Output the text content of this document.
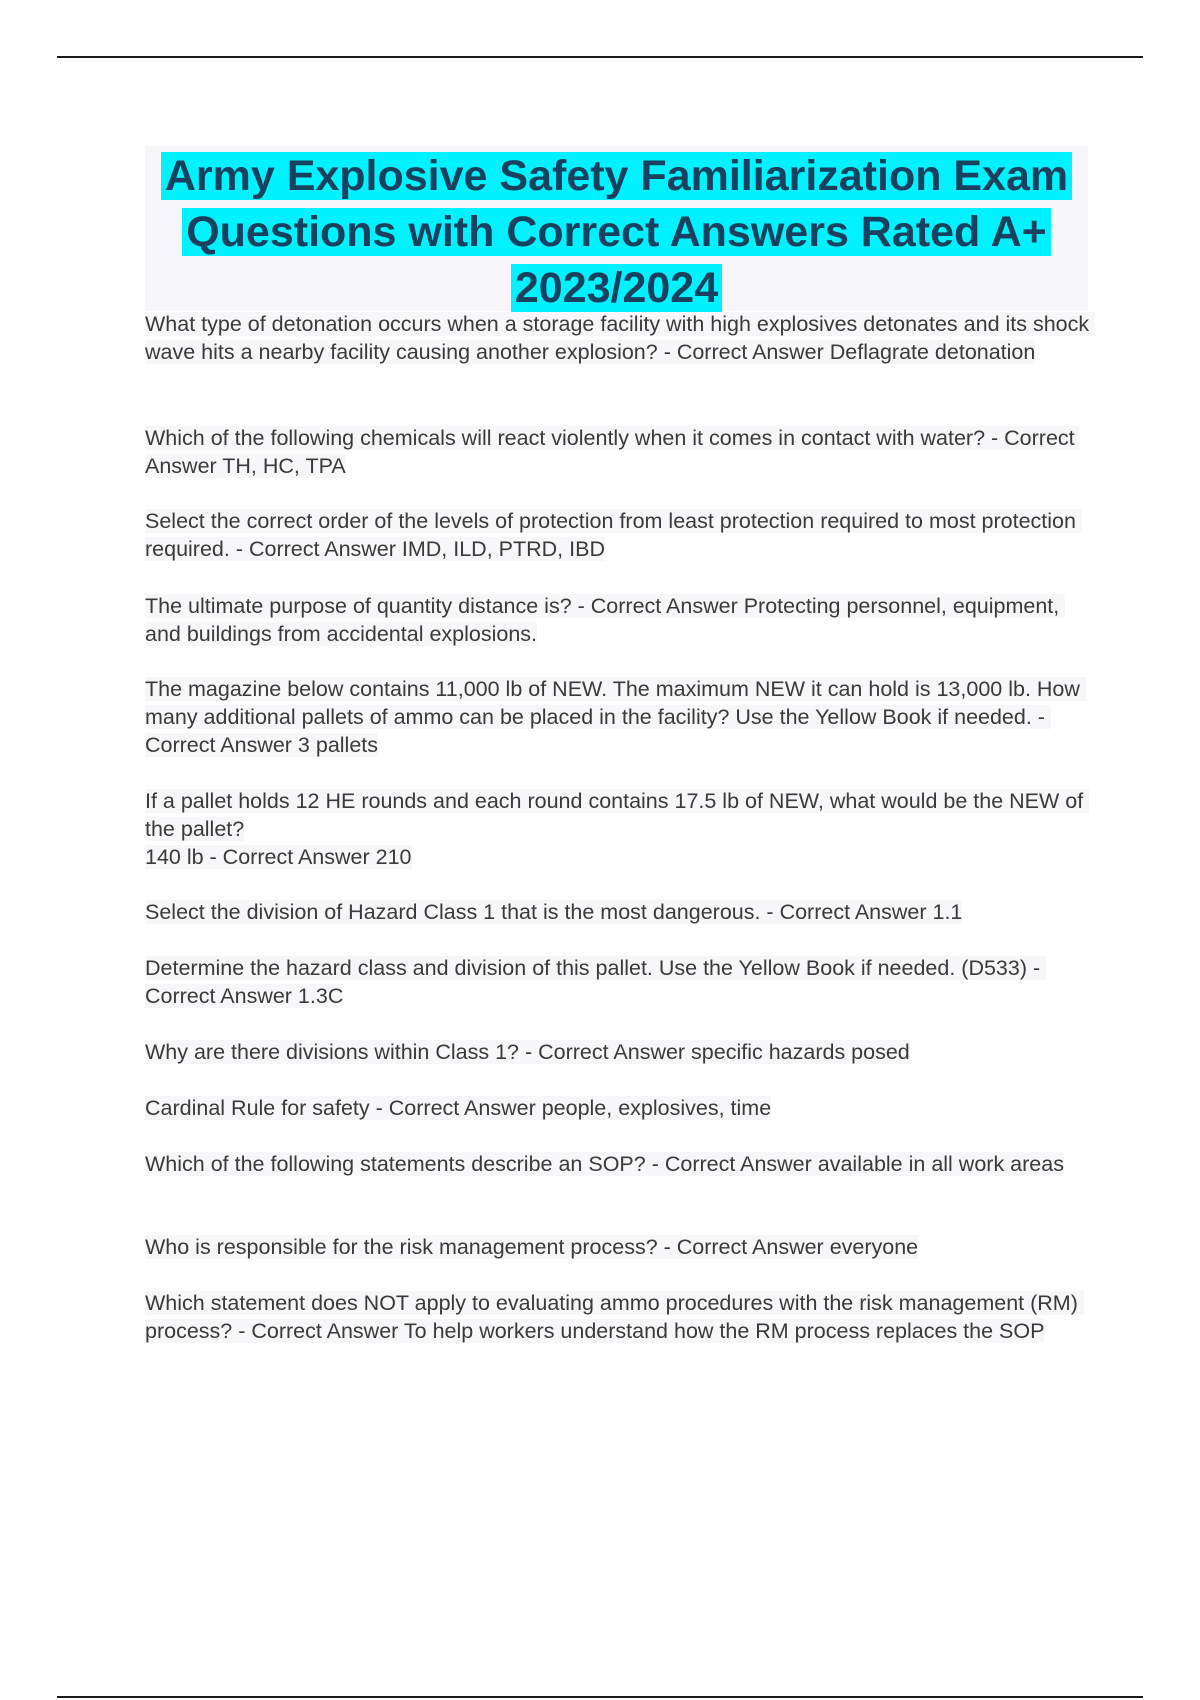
Army Explosive Safety Familiarization Exam Questions with Correct Answers Rated A+ 2023/2024

What type of detonation occurs when a storage facility with high explosives detonates and its shock wave hits a nearby facility causing another explosion? - Correct Answer Deflagrate detonation

Which of the following chemicals will react violently when it comes in contact with water? - Correct Answer TH, HC, TPA

Select the correct order of the levels of protection from least protection required to most protection required. - Correct Answer IMD, ILD, PTRD, IBD

The ultimate purpose of quantity distance is? - Correct Answer Protecting personnel, equipment, and buildings from accidental explosions.

The magazine below contains 11,000 lb of NEW. The maximum NEW it can hold is 13,000 lb. How many additional pallets of ammo can be placed in the facility? Use the Yellow Book if needed. - Correct Answer 3 pallets

If a pallet holds 12 HE rounds and each round contains 17.5 lb of NEW, what would be the NEW of the pallet?
140 lb - Correct Answer 210

Select the division of Hazard Class 1 that is the most dangerous. - Correct Answer 1.1

Determine the hazard class and division of this pallet. Use the Yellow Book if needed. (D533) - Correct Answer 1.3C

Why are there divisions within Class 1? - Correct Answer specific hazards posed

Cardinal Rule for safety - Correct Answer people, explosives, time

Which of the following statements describe an SOP? - Correct Answer available in all work areas

Who is responsible for the risk management process? - Correct Answer everyone

Which statement does NOT apply to evaluating ammo procedures with the risk management (RM) process? - Correct Answer To help workers understand how the RM process replaces the SOP
